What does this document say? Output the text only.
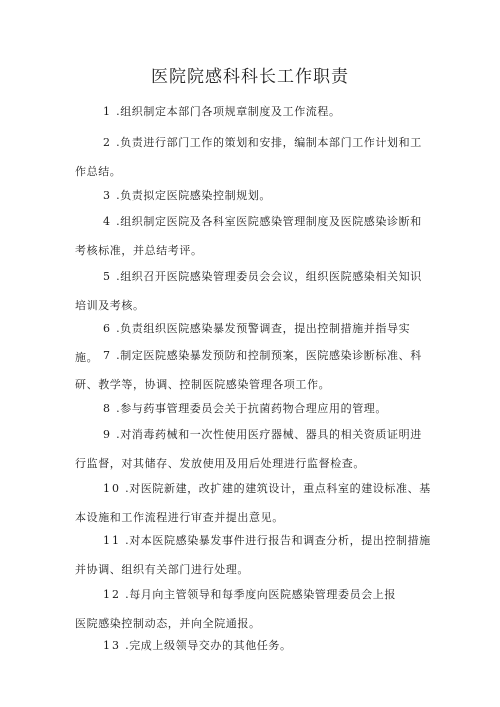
医院院感科科长工作职责
1 .组织制定本部门各项规章制度及工作流程。
2 .负责进行部门工作的策划和安排，编制本部门工作计划和工作总结。
3 .负责拟定医院感染控制规划。
4 .组织制定医院及各科室医院感染管理制度及医院感染诊断和考核标准，并总结考评。
5 .组织召开医院感染管理委员会会议，组织医院感染相关知识培训及考核。
6 .负责组织医院感染暴发预警调查，提出控制措施并指导实施。 7 .制定医院感染暴发预防和控制预案，医院感染诊断标准、科研、教学等，协调、控制医院感染管理各项工作。
8 .参与药事管理委员会关于抗菌药物合理应用的管理。
9 .对消毒药械和一次性使用医疗器械、器具的相关资质证明进行监督，对其储存、发放使用及用后处理进行监督检查。
10 .对医院新建，改扩建的建筑设计，重点科室的建设标准、基本设施和工作流程进行审查并提出意见。
11 .对本医院感染暴发事件进行报告和调查分析，提出控制措施并协调、组织有关部门进行处理。
12 .每月向主管领导和每季度向医院感染管理委员会上报
医院感染控制动态，并向全院通报。
13 .完成上级领导交办的其他任务。
